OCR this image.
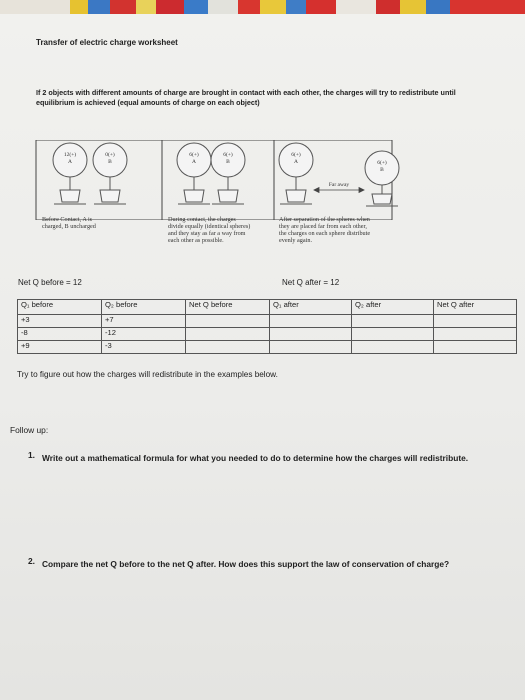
Transfer of electric charge worksheet
If 2 objects with different amounts of charge are brought in contact with each other, the charges will try to redistribute until equilibrium is achieved (equal amounts of charge on each object)
12(+)
A
0(+)
B
6(+)
A
6(+)
B
6(+)
A	6(+)
B
Far away
Before Contact, A is
charged, B uncharged
During contact, the charges
divide equally (identical spheres)
and they stay as far a way from
each other as possible.
After separation of the spheres when
they are placed far from each other,
the charges on each sphere distribute
evenly again.
Net Q before = 12	Net Q after = 12
Q₁ before	Q₂ before	Net Q before	Q₁ after	Q₂ after	Net Q after
+3	+7				
-8	-12				
+9	-3				
Try to figure out how the charges will redistribute in the examples below.
Follow up:
1. Write out a mathematical formula for what you needed to do to determine how the charges will redistribute.
2. Compare the net Q before to the net Q after. How does this support the law of conservation of charge?
